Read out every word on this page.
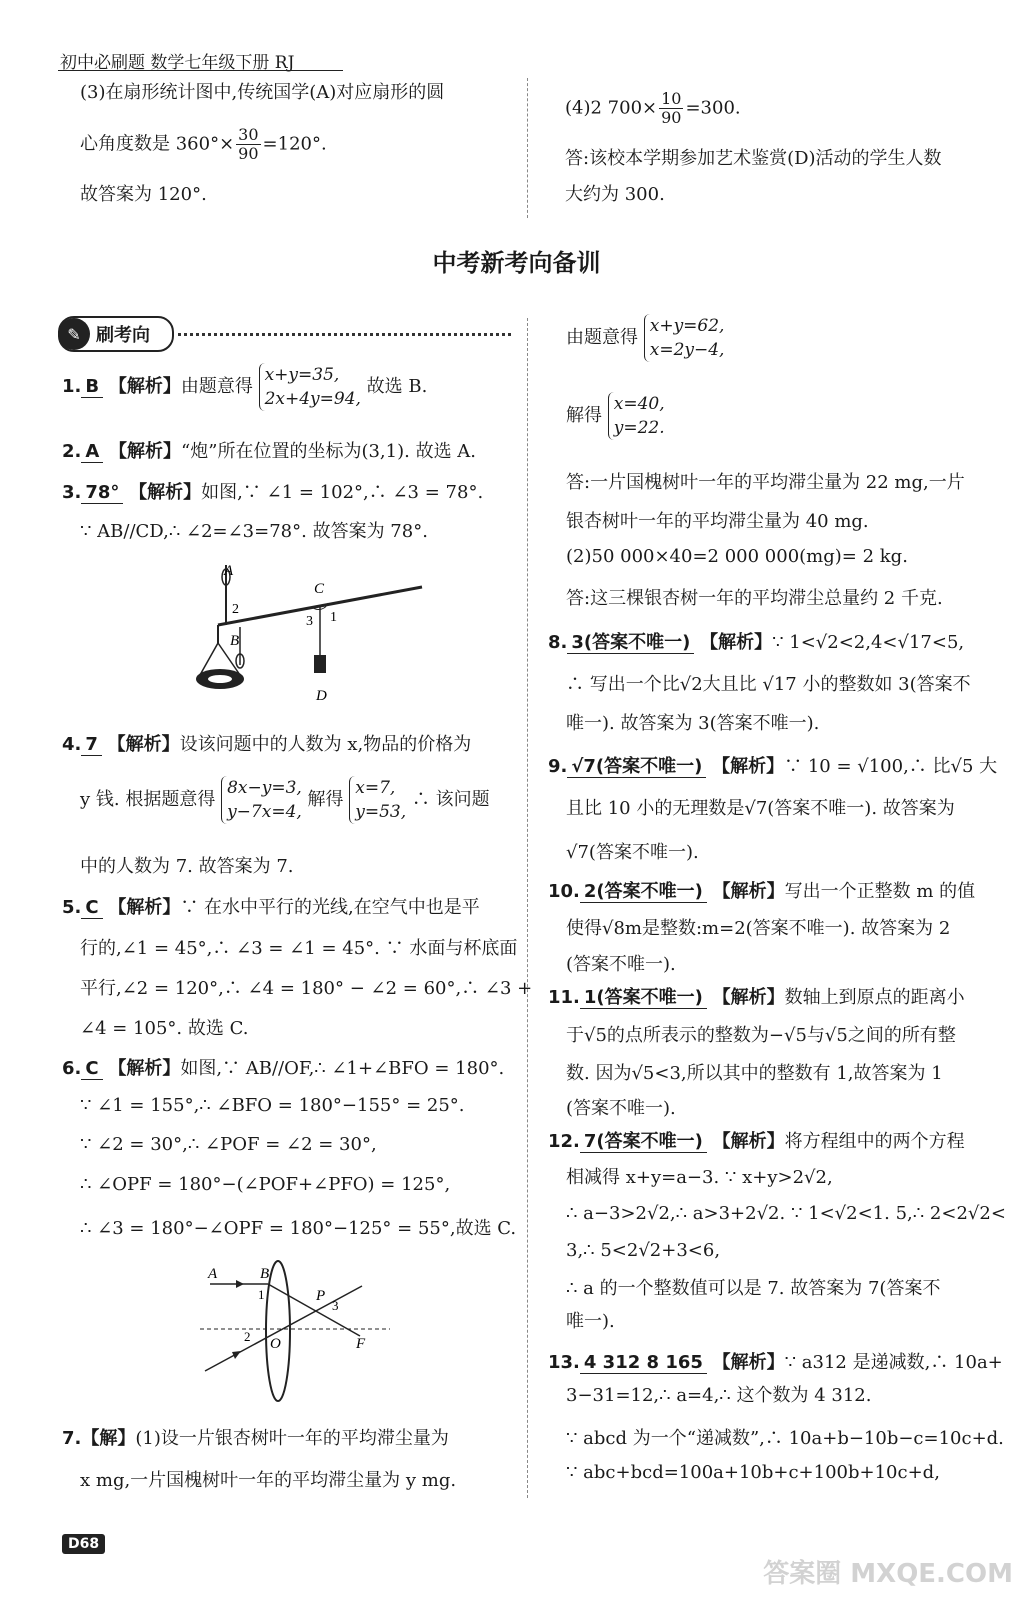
初中必刷题 数学七年级下册 RJ
(3)在扇形统计图中,传统国学(A)对应扇形的圆
心角度数是 $360^\circ\times \frac{30}{90} =120^\circ$.
故答案为 120°.
(4)2 $700\times \frac{10}{90} =300$.
答:该校本学期参加艺术鉴赏(D)活动的学生人数
大约为 300.
中考新考向备训
✎ 刷考向
1. B 【解析】由题意得 x+y=35,
2x+4y=94, 故选 B.
2. A 【解析】“炮”所在位置的坐标为(3,1). 故选 A.
3. 78° 【解析】如图,∵ ∠1 = 102°,∴ ∠3 = 78°.
∵ AB//CD,∴ ∠2=∠3=78°. 故答案为 78°.
A
B
C
D
1
2
3
4. 7 【解析】设该问题中的人数为 x,物品的价格为
y 钱. 根据题意得 8x−y=3,
y−7x=4, 解得 x=7,
y=53, ∴ 该问题
中的人数为 7. 故答案为 7.
5. C 【解析】∵ 在水中平行的光线,在空气中也是平
行的,∠1 = 45°,∴ ∠3 = ∠1 = 45°. ∵ 水面与杯底面
平行,∠2 = 120°,∴ ∠4 = 180° − ∠2 = 60°,∴ ∠3 +
∠4 = 105°. 故选 C.
6. C 【解析】如图,∵ AB//OF,∴ ∠1+∠BFO = 180°.
∵ ∠1 = 155°,∴ ∠BFO = 180°−155° = 25°.
∵ ∠2 = 30°,∴ ∠POF = ∠2 = 30°,
∴ ∠OPF = 180°−(∠POF+∠PFO) = 125°,
∴ ∠3 = 180°−∠OPF = 180°−125° = 55°,故选 C.
A	B
P
O	F
1
2
3
7.【解】(1)设一片银杏树叶一年的平均滞尘量为
x mg,一片国槐树叶一年的平均滞尘量为 y mg.
由题意得 x+y=62,
x=2y−4,
解得 x=40,
y=22.
答:一片国槐树叶一年的平均滞尘量为 22 mg,一片
银杏树叶一年的平均滞尘量为 40 mg.
(2)50 000×40=2 000 000(mg)= 2 kg.
答:这三棵银杏树一年的平均滞尘总量约 2 千克.
8. 3(答案不唯一) 【解析】∵ 1<√2<2,4<√17<5,
∴ 写出一个比√2大且比 √17 小的整数如 3(答案不
唯一). 故答案为 3(答案不唯一).
9. √7(答案不唯一) 【解析】∵ 10 = √100,∴ 比√5 大
且比 10 小的无理数是√7(答案不唯一). 故答案为
√7(答案不唯一).
10. 2(答案不唯一) 【解析】写出一个正整数 m 的值
使得√8m是整数:m=2(答案不唯一). 故答案为 2
(答案不唯一).
11. 1(答案不唯一) 【解析】数轴上到原点的距离小
于√5的点所表示的整数为−√5与√5之间的所有整
数. 因为√5<3,所以其中的整数有 1,故答案为 1
(答案不唯一).
12. 7(答案不唯一) 【解析】将方程组中的两个方程
相减得 x+y=a−3. ∵ x+y>2√2,
∴ a−3>2√2,∴ a>3+2√2. ∵ 1<√2<1. 5,∴ 2<2√2<
3,∴ 5<2√2+3<6,
∴ a 的一个整数值可以是 7. 故答案为 7(答案不
唯一).
13. 4 312 8 165 【解析】∵ a312 是递减数,∴ 10a+
3−31=12,∴ a=4,∴ 这个数为 4 312.
∵ abcd 为一个“递减数”,∴ 10a+b−10b−c=10c+d.
∵ abc+bcd=100a+10b+c+100b+10c+d,
D68
答案圈 MXQE.COM
